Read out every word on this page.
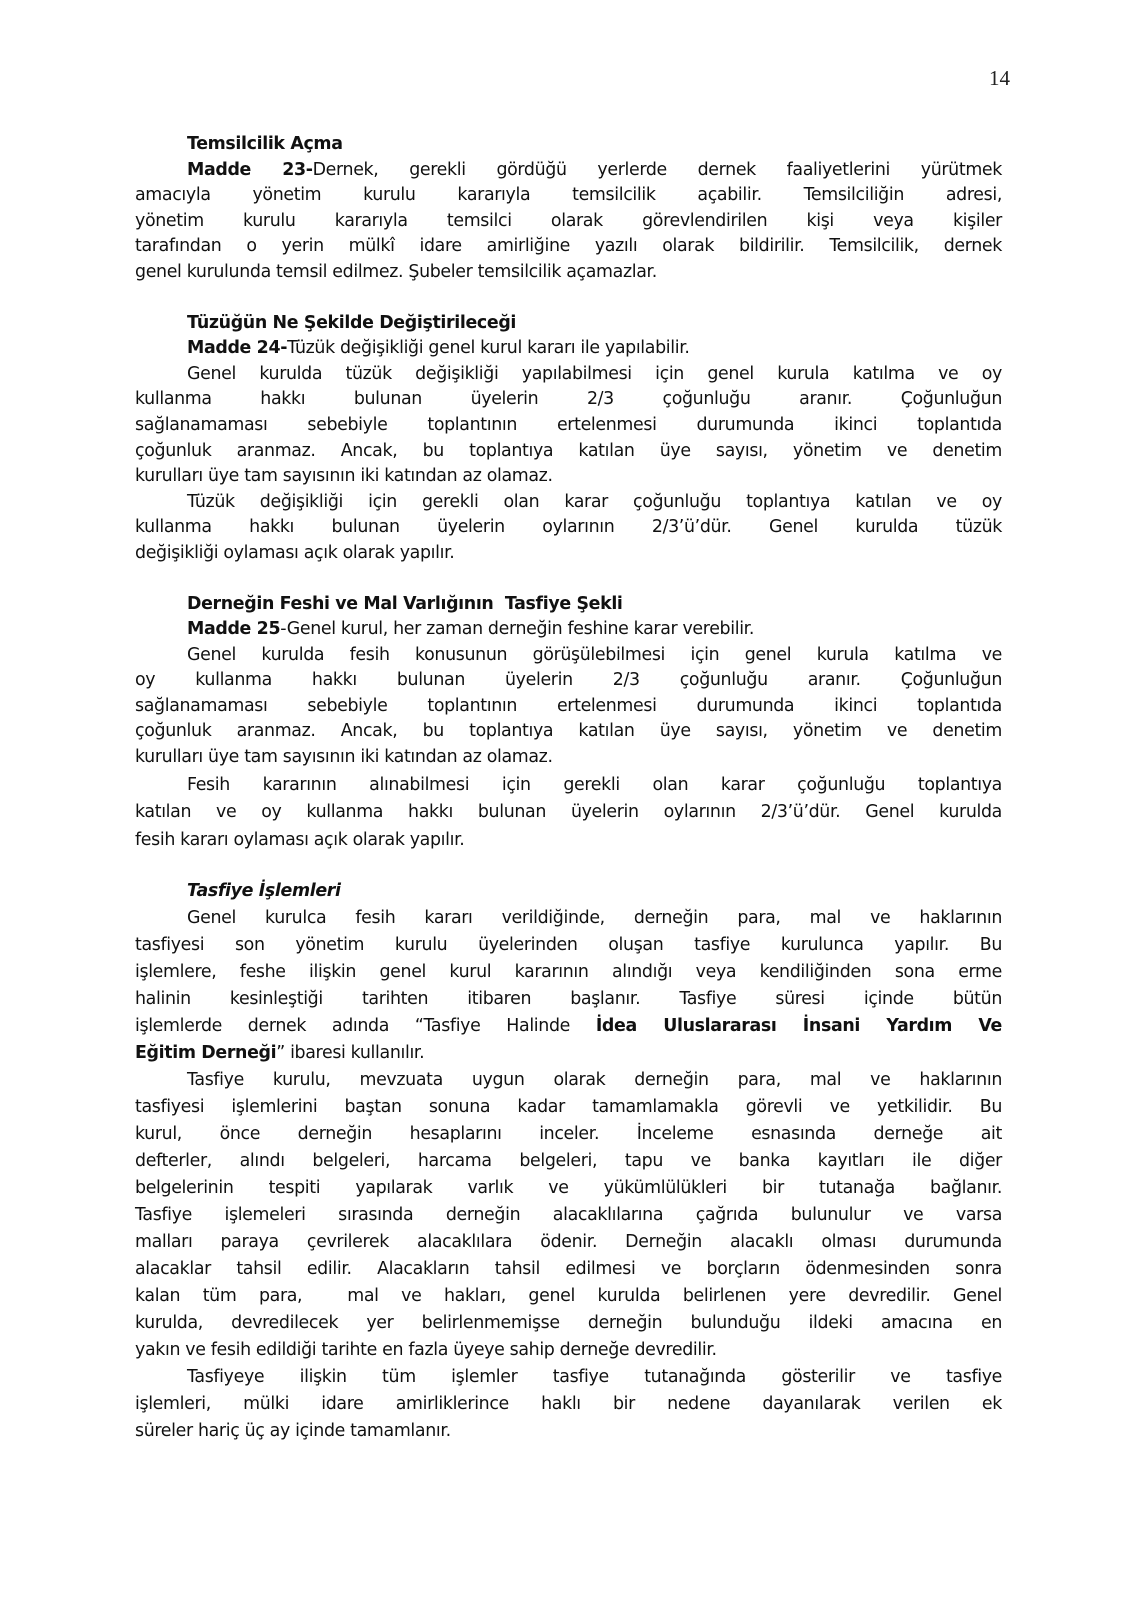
14
Temsilcilik Açma
Madde 23-Dernek, gerekli gördüğü yerlerde dernek faaliyetlerini yürütmek
amacıyla yönetim kurulu kararıyla temsilcilik açabilir. Temsilciliğin adresi,
yönetim kurulu kararıyla temsilci olarak görevlendirilen kişi veya kişiler
tarafından o yerin mülkî idare amirliğine yazılı olarak bildirilir. Temsilcilik, dernek
genel kurulunda temsil edilmez. Şubeler temsilcilik açamazlar.
Tüzüğün Ne Şekilde Değiştirileceği
Madde 24-Tüzük değişikliği genel kurul kararı ile yapılabilir.
Genel kurulda tüzük değişikliği yapılabilmesi için genel kurula katılma ve oy
kullanma hakkı bulunan üyelerin 2/3 çoğunluğu aranır. Çoğunluğun
sağlanamaması sebebiyle toplantının ertelenmesi durumunda ikinci toplantıda
çoğunluk aranmaz. Ancak, bu toplantıya katılan üye sayısı, yönetim ve denetim
kurulları üye tam sayısının iki katından az olamaz.
Tüzük değişikliği için gerekli olan karar çoğunluğu toplantıya katılan ve oy
kullanma hakkı bulunan üyelerin oylarının 2/3’ü’dür. Genel kurulda tüzük
değişikliği oylaması açık olarak yapılır.
Derneğin Feshi ve Mal Varlığının  Tasfiye Şekli
Madde 25-Genel kurul, her zaman derneğin feshine karar verebilir.
Genel kurulda fesih konusunun görüşülebilmesi için genel kurula katılma ve
oy kullanma hakkı bulunan üyelerin 2/3 çoğunluğu aranır. Çoğunluğun
sağlanamaması sebebiyle toplantının ertelenmesi durumunda ikinci toplantıda
çoğunluk aranmaz. Ancak, bu toplantıya katılan üye sayısı, yönetim ve denetim
kurulları üye tam sayısının iki katından az olamaz.
Fesih kararının alınabilmesi için gerekli olan karar çoğunluğu toplantıya
katılan ve oy kullanma hakkı bulunan üyelerin oylarının 2/3’ü’dür. Genel kurulda
fesih kararı oylaması açık olarak yapılır.
Tasfiye İşlemleri
Genel kurulca fesih kararı verildiğinde, derneğin para, mal ve haklarının
tasfiyesi son yönetim kurulu üyelerinden oluşan tasfiye kurulunca yapılır. Bu
işlemlere, feshe ilişkin genel kurul kararının alındığı veya kendiliğinden sona erme
halinin kesinleştiği tarihten itibaren başlanır. Tasfiye süresi içinde bütün
işlemlerde dernek adında “Tasfiye Halinde İdea Uluslararası İnsani Yardım Ve
Eğitim Derneği” ibaresi kullanılır.
Tasfiye kurulu, mevzuata uygun olarak derneğin para, mal ve haklarının
tasfiyesi işlemlerini baştan sonuna kadar tamamlamakla görevli ve yetkilidir. Bu
kurul, önce derneğin hesaplarını inceler. İnceleme esnasında derneğe ait
defterler, alındı belgeleri, harcama belgeleri, tapu ve banka kayıtları ile diğer
belgelerinin tespiti yapılarak varlık ve yükümlülükleri bir tutanağa bağlanır.
Tasfiye işlemeleri sırasında derneğin alacaklılarına çağrıda bulunulur ve varsa
malları paraya çevrilerek alacaklılara ödenir. Derneğin alacaklı olması durumunda
alacaklar tahsil edilir. Alacakların tahsil edilmesi ve borçların ödenmesinden sonra
kalan tüm para,  mal ve hakları, genel kurulda belirlenen yere devredilir. Genel
kurulda, devredilecek yer belirlenmemişse derneğin bulunduğu ildeki amacına en
yakın ve fesih edildiği tarihte en fazla üyeye sahip derneğe devredilir.
Tasfiyeye ilişkin tüm işlemler tasfiye tutanağında gösterilir ve tasfiye
işlemleri, mülki idare amirliklerince haklı bir nedene dayanılarak verilen ek
süreler hariç üç ay içinde tamamlanır.
